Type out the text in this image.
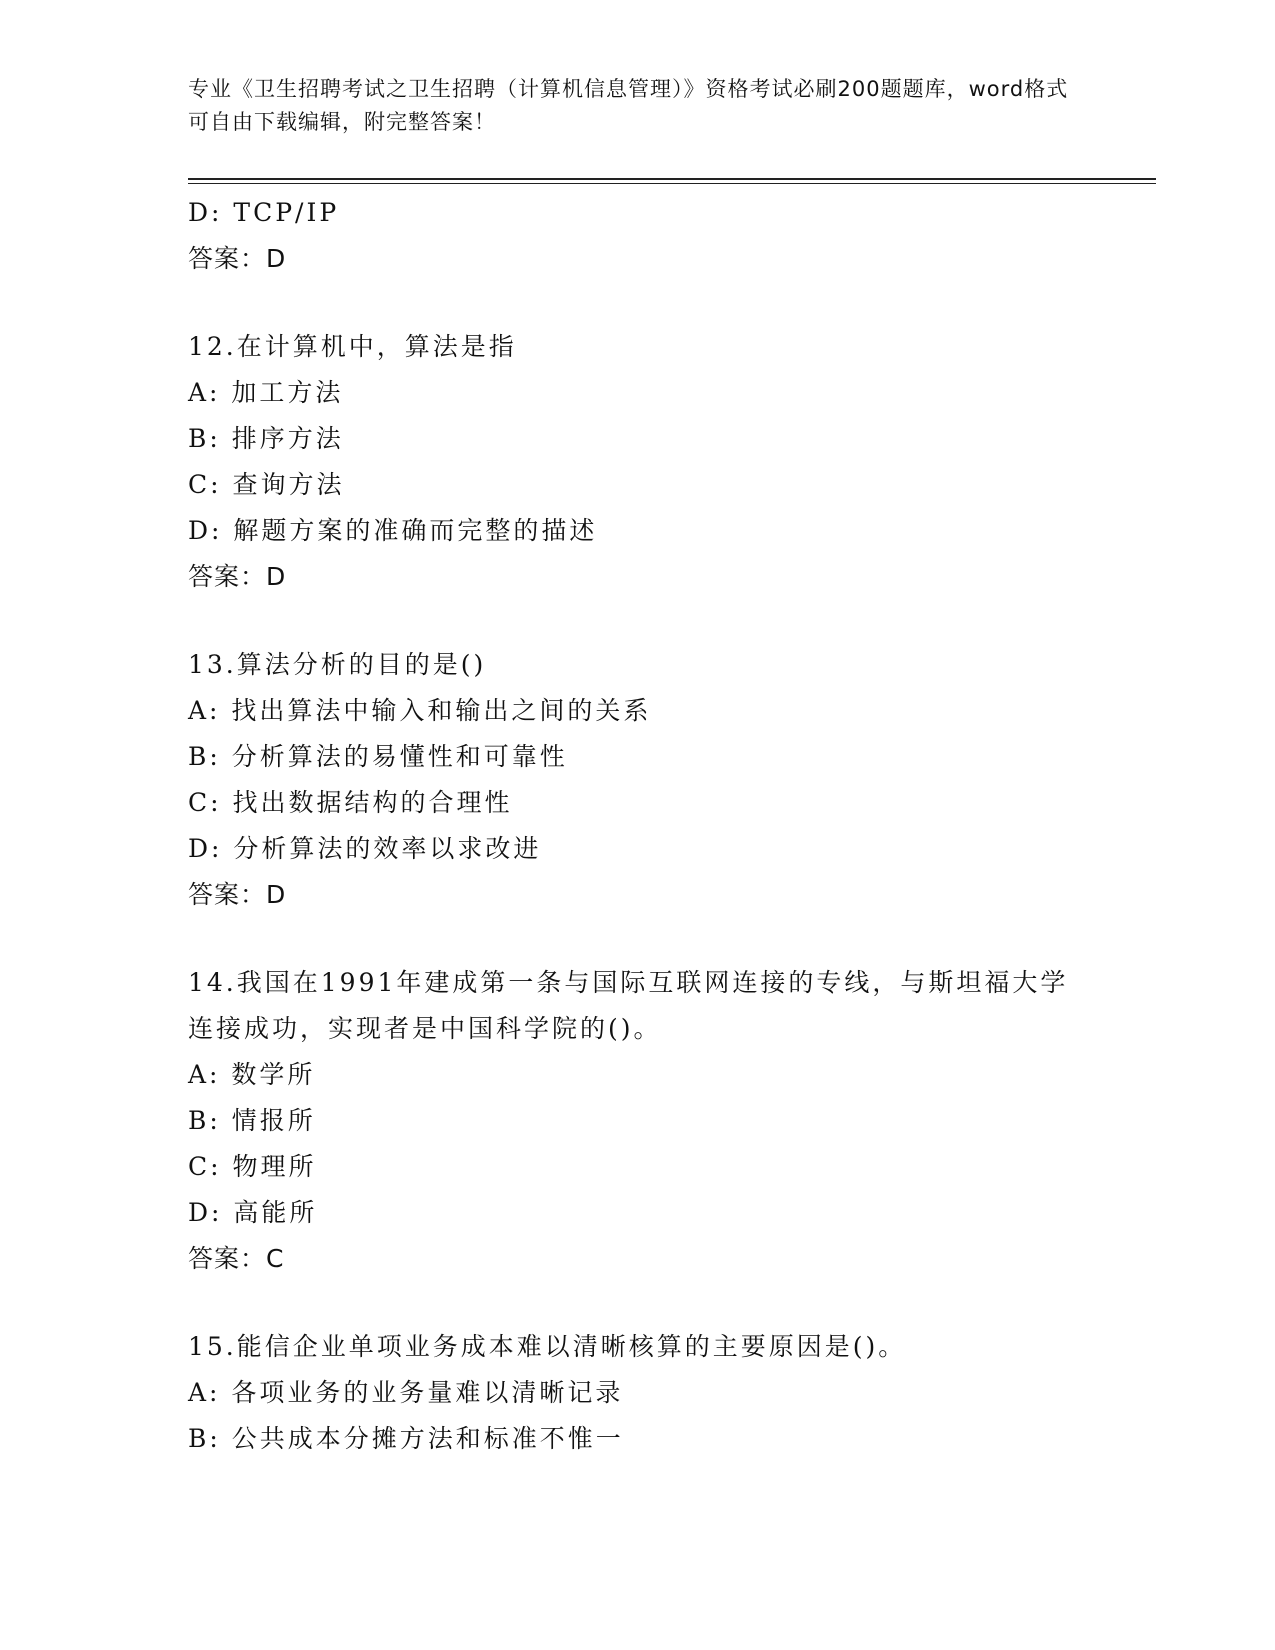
专业《卫生招聘考试之卫生招聘（计算机信息管理）》资格考试必刷200题题库，word格式可自由下载编辑，附完整答案！
D: TCP/IP
答案：D
12.在计算机中，算法是指
A: 加工方法
B: 排序方法
C: 查询方法
D: 解题方案的准确而完整的描述
答案：D
13.算法分析的目的是()
A: 找出算法中输入和输出之间的关系
B: 分析算法的易懂性和可靠性
C: 找出数据结构的合理性
D: 分析算法的效率以求改进
答案：D
14.我国在1991年建成第一条与国际互联网连接的专线，与斯坦福大学连接成功，实现者是中国科学院的()。
A: 数学所
B: 情报所
C: 物理所
D: 高能所
答案：C
15.能信企业单项业务成本难以清晰核算的主要原因是()。
A: 各项业务的业务量难以清晰记录
B: 公共成本分摊方法和标准不惟一
